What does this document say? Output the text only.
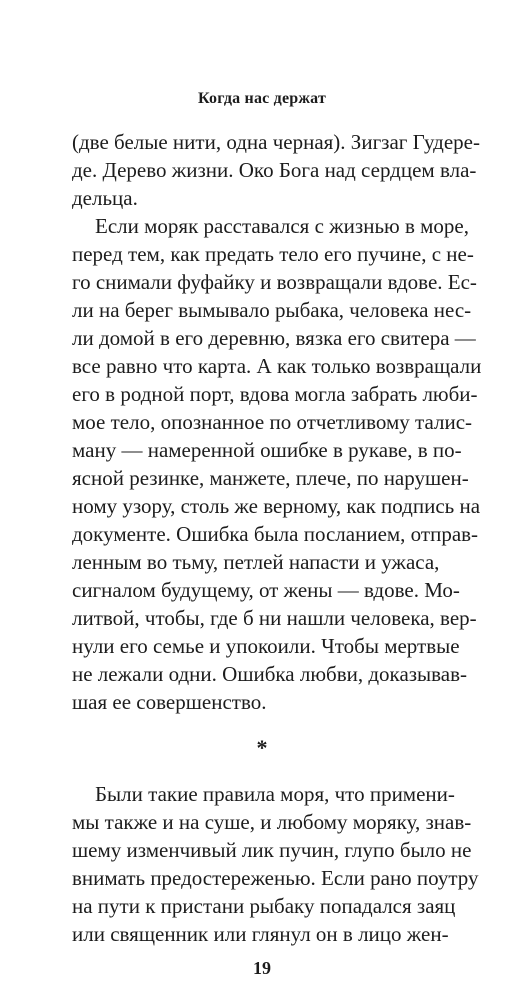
Когда нас держат
(две белые нити, одна черная). Зигзаг Гудере-
де. Дерево жизни. Око Бога над сердцем вла-
дельца.
Если моряк расставался с жизнью в море,
перед тем, как предать тело его пучине, с не-
го снимали фуфайку и возвращали вдове. Ес-
ли на берег вымывало рыбака, человека нес-
ли домой в его деревню, вязка его свитера —
все равно что карта. А как только возвращали
его в родной порт, вдова могла забрать люби-
мое тело, опознанное по отчетливому талис-
ману — намеренной ошибке в рукаве, в по-
ясной резинке, манжете, плече, по нарушен-
ному узору, столь же верному, как подпись на
документе. Ошибка была посланием, отправ-
ленным во тьму, петлей напасти и ужаса,
сигналом будущему, от жены — вдове. Мо-
литвой, чтобы, где б ни нашли человека, вер-
нули его семье и упокоили. Чтобы мертвые
не лежали одни. Ошибка любви, доказывав-
шая ее совершенство.
*
Были такие правила моря, что примени-
мы также и на суше, и любому моряку, знав-
шему изменчивый лик пучин, глупо было не
внимать предостереженью. Если рано поутру
на пути к пристани рыбаку попадался заяц
или священник или глянул он в лицо жен-
19
